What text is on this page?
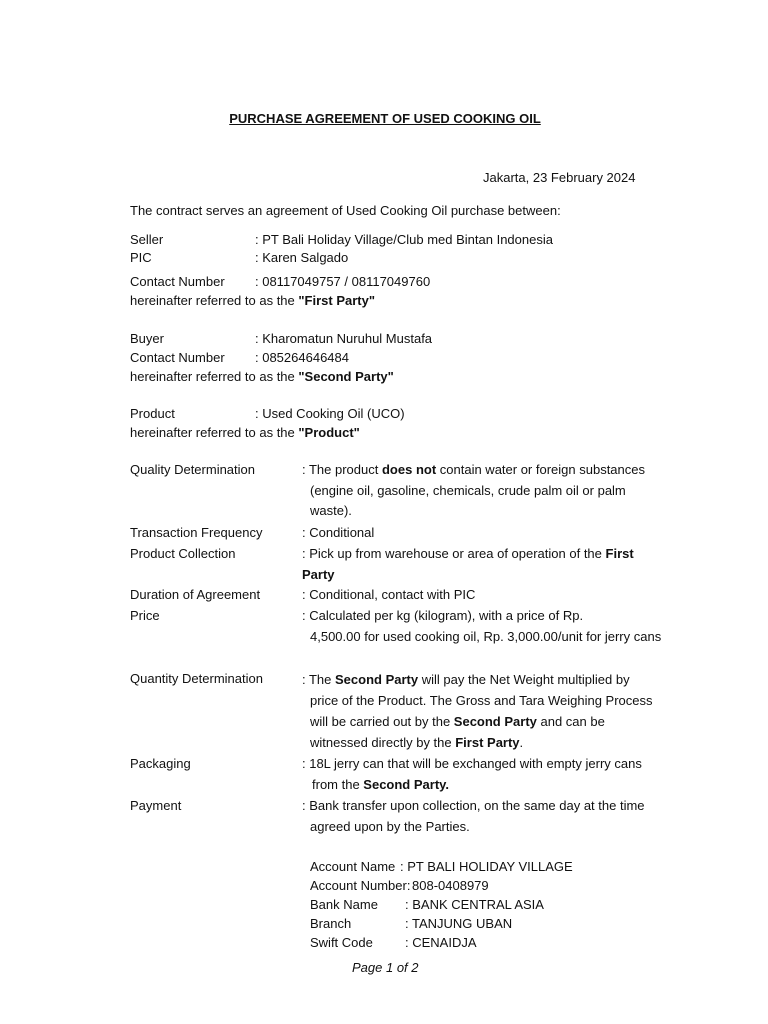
PURCHASE AGREEMENT OF USED COOKING OIL
Jakarta, 23 February 2024
The contract serves an agreement of Used Cooking Oil purchase between:
Seller	: PT Bali Holiday Village/Club med Bintan Indonesia
PIC	: Karen Salgado
Contact Number : 08117049757 / 08117049760
hereinafter referred to as the "First Party"
Buyer	: Kharomatun Nuruhul Mustafa
Contact Number : 085264646484
hereinafter referred to as the "Second Party"
Product	: Used Cooking Oil (UCO)
hereinafter referred to as the "Product"
Quality Determination	: The product does not contain water or foreign substances
(engine oil, gasoline, chemicals, crude palm oil or palm waste).
Transaction Frequency	: Conditional
Product Collection	: Pick up from warehouse or area of operation of the First Party
Duration of Agreement	: Conditional, contact with PIC
Price	: Calculated per kg (kilogram), with a price of Rp.
4,500.00 for used cooking oil, Rp. 3,000.00/unit for jerry cans
Quantity Determination	: The Second Party will pay the Net Weight multiplied by
price of the Product. The Gross and Tara Weighing Process will be carried out by the Second Party and can be witnessed directly by the First Party.
Packaging	: 18L jerry can that will be exchanged with empty jerry cans
from the Second Party.
Payment	: Bank transfer upon collection, on the same day at the time
agreed upon by the Parties.
Account Name : PT BALI HOLIDAY VILLAGE
Account Number: 808-0408979
Bank Name : BANK CENTRAL ASIA
Branch	: TANJUNG UBAN
Swift Code : CENAIDJA
Page 1 of 2
